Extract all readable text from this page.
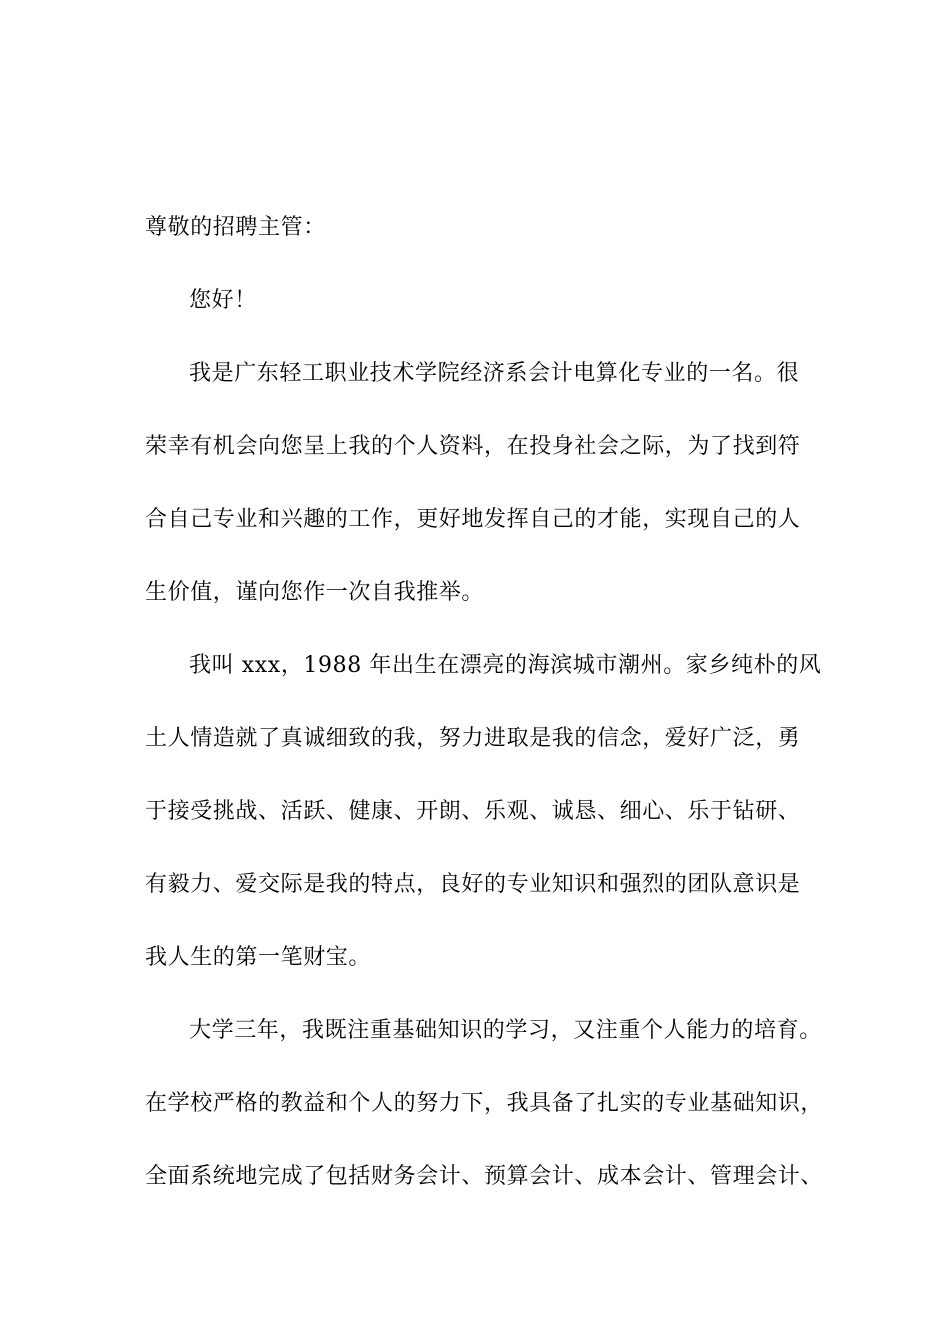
尊敬的招聘主管：
您好！
我是广东轻工职业技术学院经济系会计电算化专业的一名。很
荣幸有机会向您呈上我的个人资料，在投身社会之际，为了找到符
合自己专业和兴趣的工作，更好地发挥自己的才能，实现自己的人
生价值，谨向您作一次自我推举。
我叫 xxx，1988 年出生在漂亮的海滨城市潮州。家乡纯朴的风
土人情造就了真诚细致的我，努力进取是我的信念，爱好广泛，勇
于接受挑战、活跃、健康、开朗、乐观、诚恳、细心、乐于钻研、
有毅力、爱交际是我的特点，良好的专业知识和强烈的团队意识是
我人生的第一笔财宝。
大学三年，我既注重基础知识的学习，又注重个人能力的培育。
在学校严格的教益和个人的努力下，我具备了扎实的专业基础知识，
全面系统地完成了包括财务会计、预算会计、成本会计、管理会计、
